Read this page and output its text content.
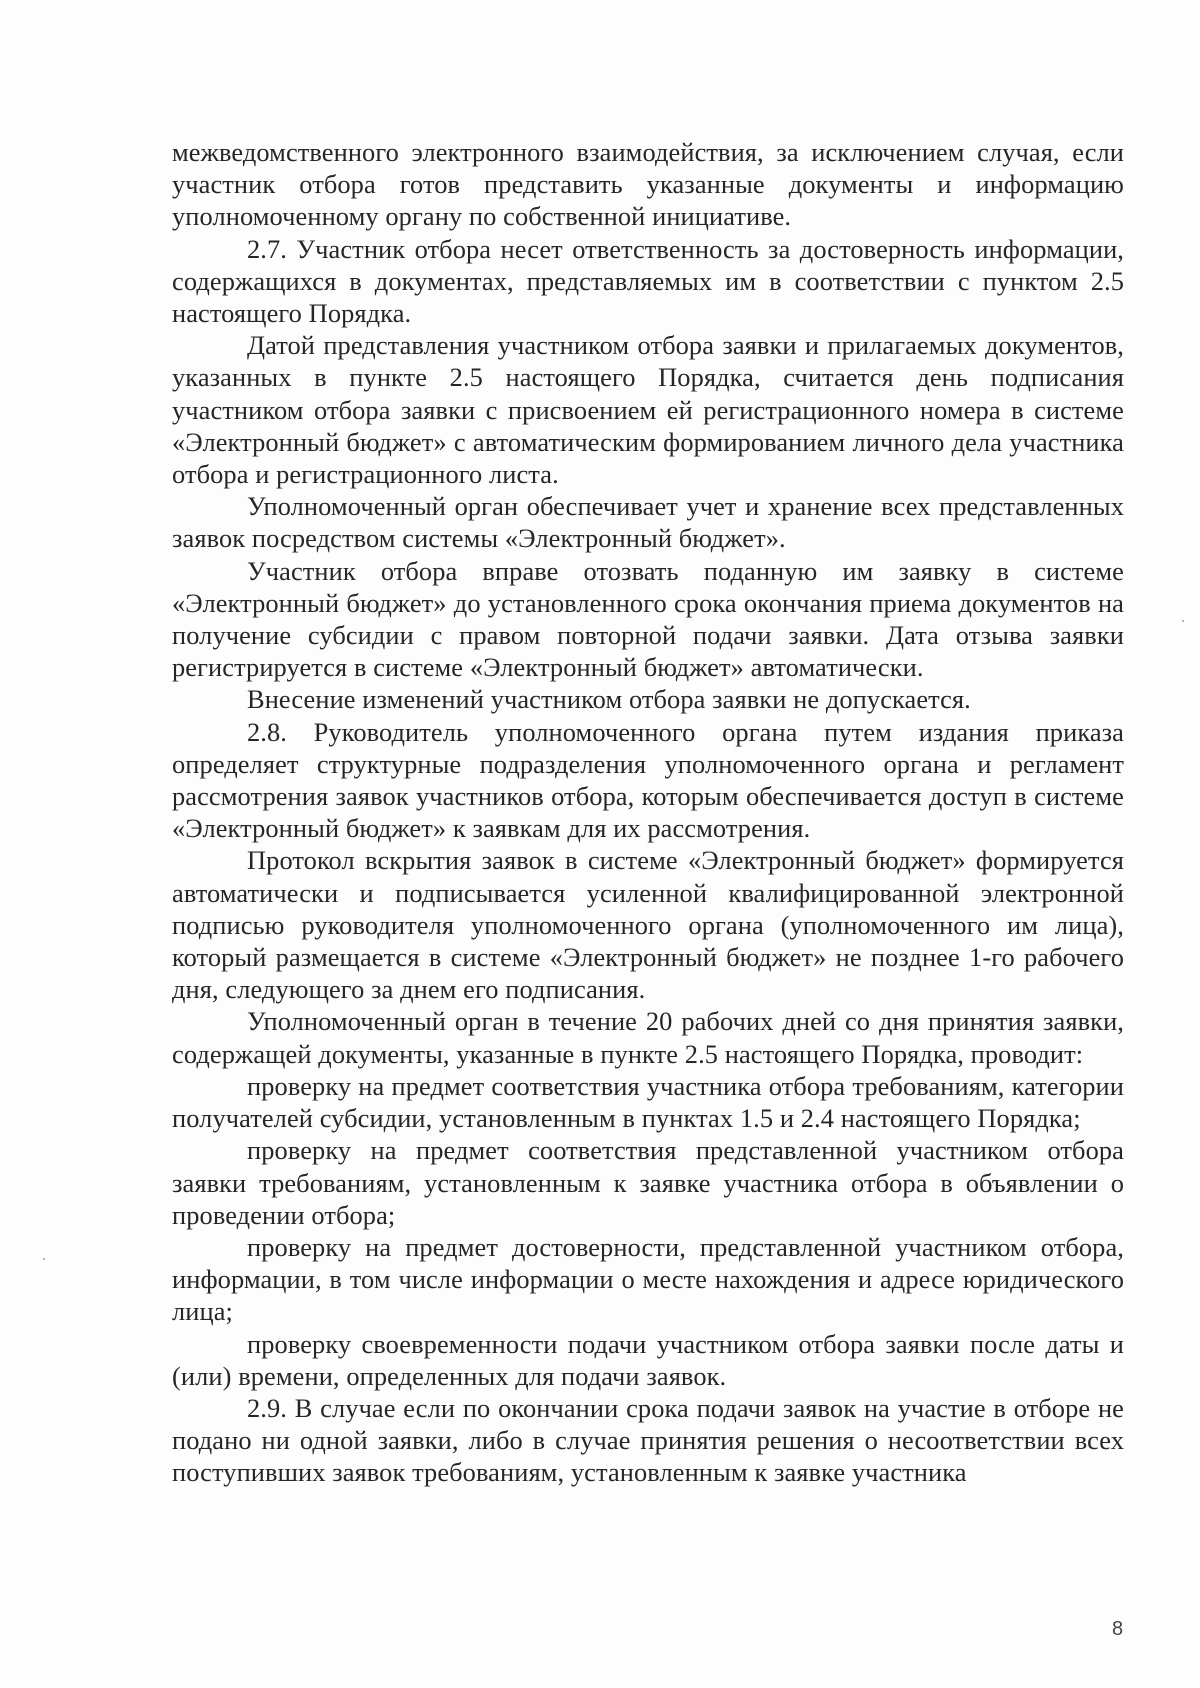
межведомственного электронного взаимодействия, за исключением случая, если участник отбора готов представить указанные документы и информацию уполномоченному органу по собственной инициативе.

2.7. Участник отбора несет ответственность за достоверность информации, содержащихся в документах, представляемых им в соответствии с пунктом 2.5 настоящего Порядка.

Датой представления участником отбора заявки и прилагаемых документов, указанных в пункте 2.5 настоящего Порядка, считается день подписания участником отбора заявки с присвоением ей регистрационного номера в системе «Электронный бюджет» с автоматическим формированием личного дела участника отбора и регистрационного листа.

Уполномоченный орган обеспечивает учет и хранение всех представленных заявок посредством системы «Электронный бюджет».

Участник отбора вправе отозвать поданную им заявку в системе «Электронный бюджет» до установленного срока окончания приема документов на получение субсидии с правом повторной подачи заявки. Дата отзыва заявки регистрируется в системе «Электронный бюджет» автоматически.

Внесение изменений участником отбора заявки не допускается.

2.8. Руководитель уполномоченного органа путем издания приказа определяет структурные подразделения уполномоченного органа и регламент рассмотрения заявок участников отбора, которым обеспечивается доступ в системе «Электронный бюджет» к заявкам для их рассмотрения.

Протокол вскрытия заявок в системе «Электронный бюджет» формируется автоматически и подписывается усиленной квалифицированной электронной подписью руководителя уполномоченного органа (уполномоченного им лица), который размещается в системе «Электронный бюджет» не позднее 1-го рабочего дня, следующего за днем его подписания.

Уполномоченный орган в течение 20 рабочих дней со дня принятия заявки, содержащей документы, указанные в пункте 2.5 настоящего Порядка, проводит:

проверку на предмет соответствия участника отбора требованиям, категории получателей субсидии, установленным в пунктах 1.5 и 2.4 настоящего Порядка;

проверку на предмет соответствия представленной участником отбора заявки требованиям, установленным к заявке участника отбора в объявлении о проведении отбора;

проверку на предмет достоверности, представленной участником отбора, информации, в том числе информации о месте нахождения и адресе юридического лица;

проверку своевременности подачи участником отбора заявки после даты и (или) времени, определенных для подачи заявок.

2.9. В случае если по окончании срока подачи заявок на участие в отборе не подано ни одной заявки, либо в случае принятия решения о несоответствии всех поступивших заявок требованиям, установленным к заявке участника

8
